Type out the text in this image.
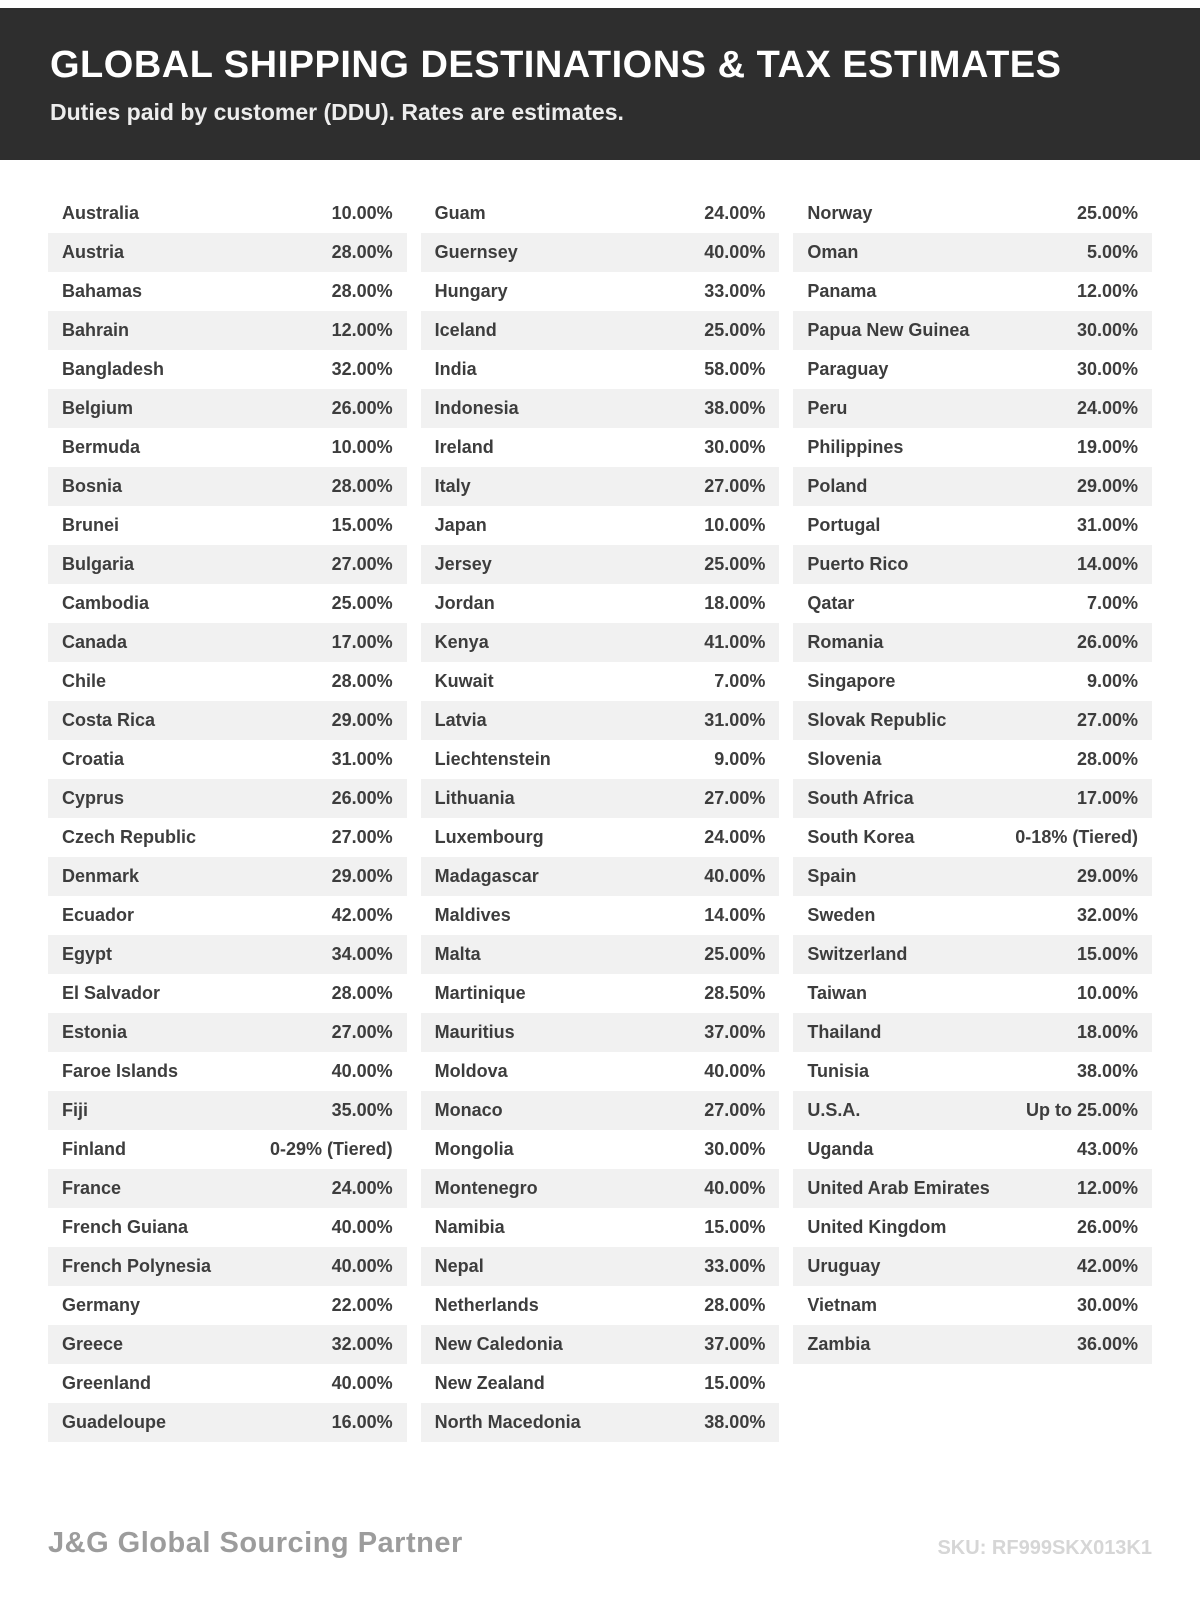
GLOBAL SHIPPING DESTINATIONS & TAX ESTIMATES
Duties paid by customer (DDU). Rates are estimates.
Australia	10.00%
Austria	28.00%
Bahamas	28.00%
Bahrain	12.00%
Bangladesh	32.00%
Belgium	26.00%
Bermuda	10.00%
Bosnia	28.00%
Brunei	15.00%
Bulgaria	27.00%
Cambodia	25.00%
Canada	17.00%
Chile	28.00%
Costa Rica	29.00%
Croatia	31.00%
Cyprus	26.00%
Czech Republic	27.00%
Denmark	29.00%
Ecuador	42.00%
Egypt	34.00%
El Salvador	28.00%
Estonia	27.00%
Faroe Islands	40.00%
Fiji	35.00%
Finland	0-29% (Tiered)
France	24.00%
French Guiana	40.00%
French Polynesia	40.00%
Germany	22.00%
Greece	32.00%
Greenland	40.00%
Guadeloupe	16.00%
Guam	24.00%
Guernsey	40.00%
Hungary	33.00%
Iceland	25.00%
India	58.00%
Indonesia	38.00%
Ireland	30.00%
Italy	27.00%
Japan	10.00%
Jersey	25.00%
Jordan	18.00%
Kenya	41.00%
Kuwait	7.00%
Latvia	31.00%
Liechtenstein	9.00%
Lithuania	27.00%
Luxembourg	24.00%
Madagascar	40.00%
Maldives	14.00%
Malta	25.00%
Martinique	28.50%
Mauritius	37.00%
Moldova	40.00%
Monaco	27.00%
Mongolia	30.00%
Montenegro	40.00%
Namibia	15.00%
Nepal	33.00%
Netherlands	28.00%
New Caledonia	37.00%
New Zealand	15.00%
North Macedonia	38.00%
Norway	25.00%
Oman	5.00%
Panama	12.00%
Papua New Guinea	30.00%
Paraguay	30.00%
Peru	24.00%
Philippines	19.00%
Poland	29.00%
Portugal	31.00%
Puerto Rico	14.00%
Qatar	7.00%
Romania	26.00%
Singapore	9.00%
Slovak Republic	27.00%
Slovenia	28.00%
South Africa	17.00%
South Korea	0-18% (Tiered)
Spain	29.00%
Sweden	32.00%
Switzerland	15.00%
Taiwan	10.00%
Thailand	18.00%
Tunisia	38.00%
U.S.A.	Up to 25.00%
Uganda	43.00%
United Arab Emirates	12.00%
United Kingdom	26.00%
Uruguay	42.00%
Vietnam	30.00%
Zambia	36.00%
J&G Global Sourcing Partner	SKU: RF999SKX013K1
